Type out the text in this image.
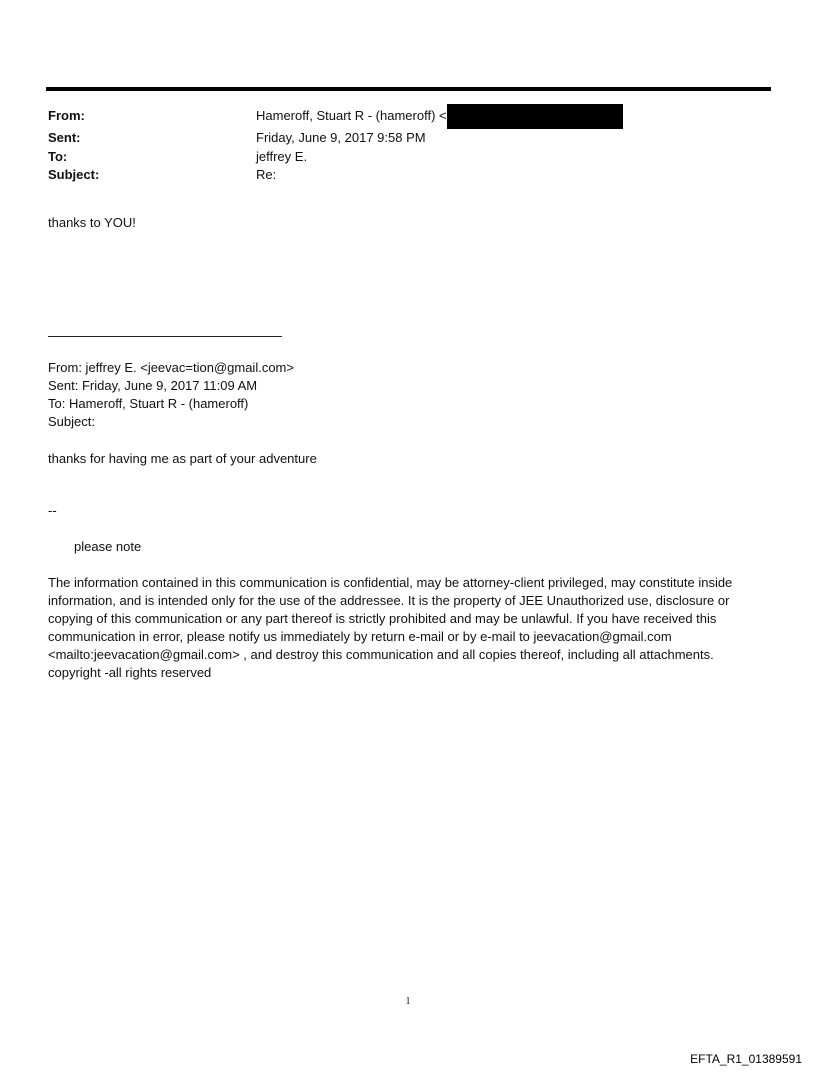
From:	Hameroff, Stuart R - (hameroff) <
Sent:	Friday, June 9, 2017 9:58 PM
To:	jeffrey E.
Subject:	Re:
thanks to YOU!
From: jeffrey E. <jeevac=tion@gmail.com>
Sent: Friday, June 9, 2017 11:09 AM
To: Hameroff, Stuart R - (hameroff)
Subject:
thanks for having me as part of your adventure
--
please note
The information contained in this communication is confidential, may be attorney-client privileged, may constitute inside information, and is intended only for the use of the addressee. It is the property of JEE Unauthorized use, disclosure or copying of this communication or any part thereof is strictly prohibited and may be unlawful. If you have received this communication in error, please notify us immediately by return e-mail or by e-mail to jeevacation@gmail.com <mailto:jeevacation@gmail.com> , and destroy this communication and all copies thereof, including all attachments. copyright -all rights reserved
1
EFTA_R1_01389591
